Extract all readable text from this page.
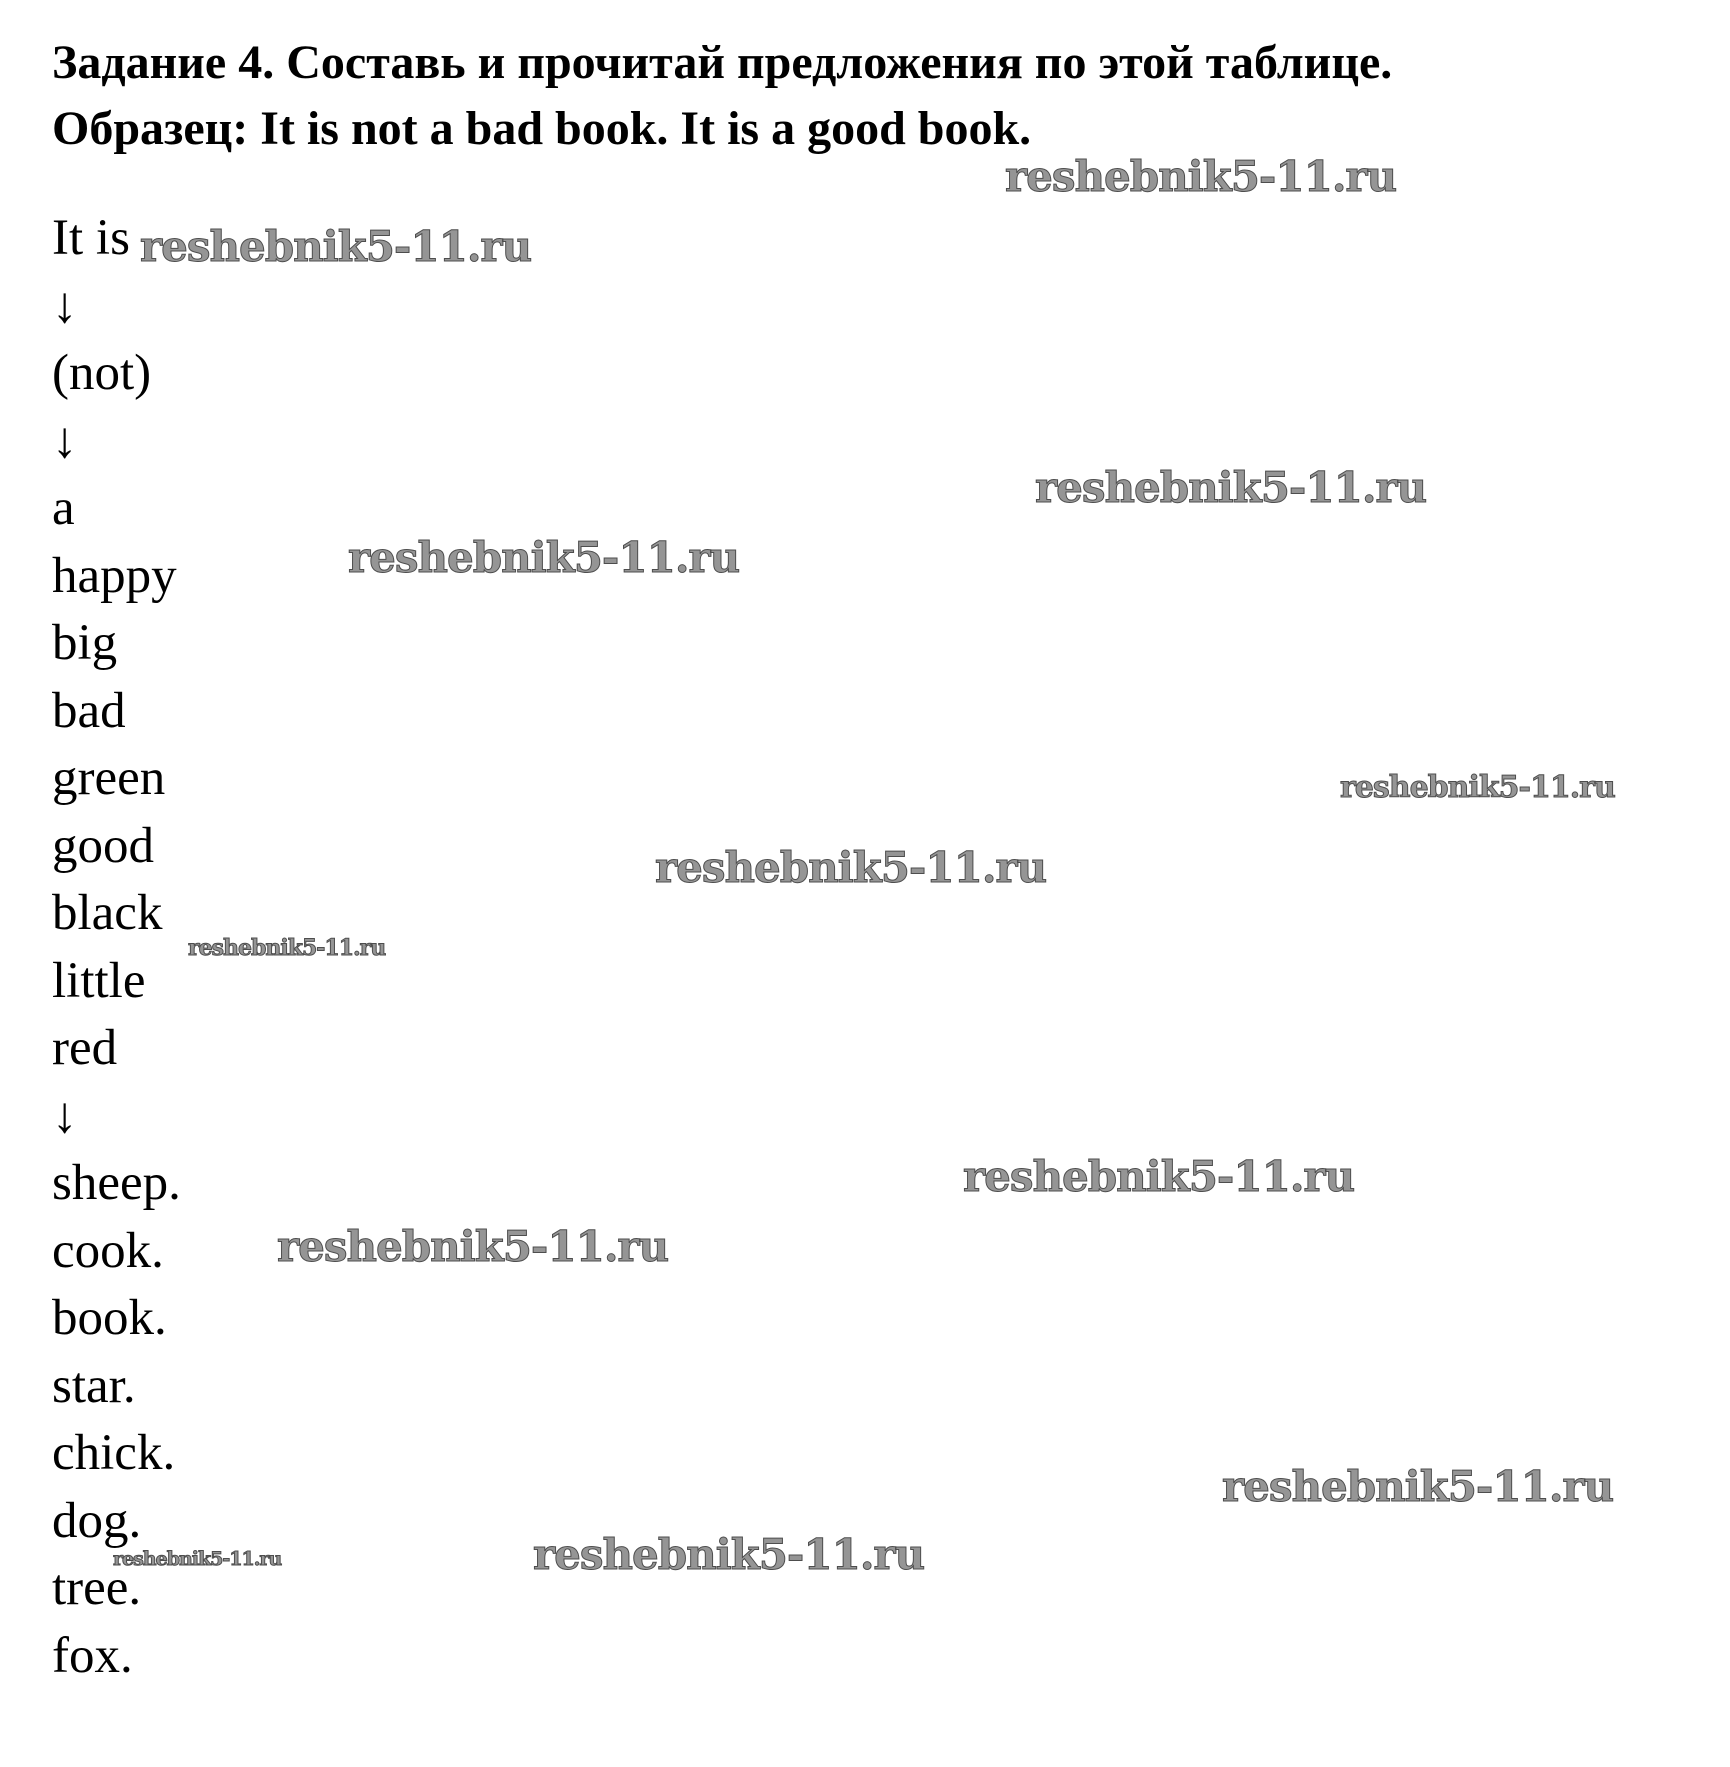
Задание 4. Составь и прочитай предложения по этой таблице.
Образец: It is not a bad book. It is a good book.
It is
↓
(not)
↓
a
happy
big
bad
green
good
black
little
red
↓
sheep.
cook.
book.
star.
chick.
dog.
tree.
fox.
reshebnik5-11.ru
reshebnik5-11.ru
reshebnik5-11.ru
reshebnik5-11.ru
reshebnik5-11.ru
reshebnik5-11.ru
reshebnik5-11.ru
reshebnik5-11.ru
reshebnik5-11.ru
reshebnik5-11.ru
reshebnik5-11.ru
reshebnik5-11.ru
